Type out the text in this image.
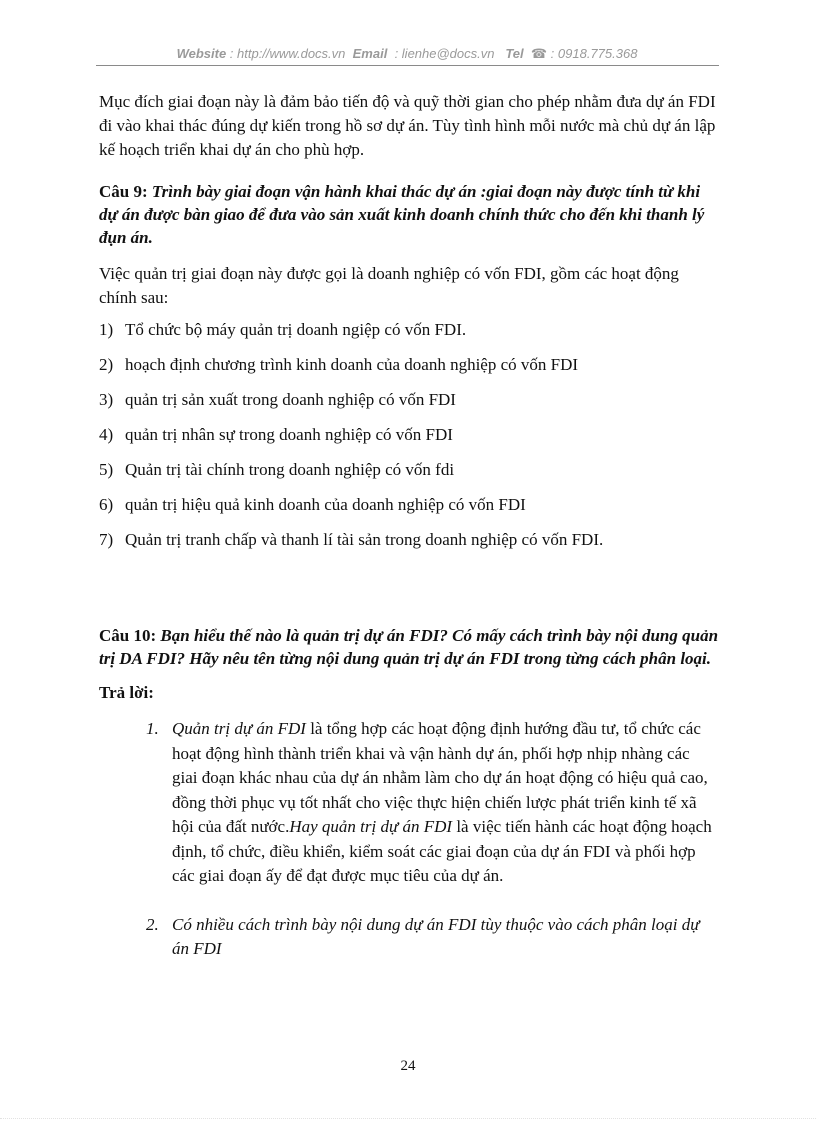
Website : http://www.docs.vn Email : lienhe@docs.vn Tel ☎ : 0918.775.368

Mục đích giai đoạn này là đảm bảo tiến độ và quỹ thời gian cho phép nhằm đưa dự án FDI đi vào khai thác đúng dự kiến trong hồ sơ dự án. Tùy tình hình mỗi nước mà chủ dự án lập kế hoạch triển khai dự án cho phù hợp.

Câu 9: Trình bày giai đoạn vận hành khai thác dự án :giai đoạn này được tính từ khi dự án được bàn giao để đưa vào sản xuất kinh doanh chính thức cho đến khi thanh lý đụn án.

Việc quản trị giai đoạn này được gọi là doanh nghiệp có vốn FDI, gồm các hoạt động chính sau:

1) Tổ chức bộ máy quản trị doanh ngiệp có vốn FDI.
2) hoạch định chương trình kinh doanh của doanh nghiệp có vốn FDI
3) quản trị sản xuất trong doanh nghiệp có vốn FDI
4) quản trị nhân sự trong doanh nghiệp có vốn FDI
5) Quản trị tài chính trong doanh nghiệp có vốn fdi
6) quản trị hiệu quả kinh doanh của doanh nghiệp có vốn FDI
7) Quản trị tranh chấp và thanh lí tài sản trong doanh nghiệp có vốn FDI.

Câu 10: Bạn hiểu thế nào là quản trị dự án FDI? Có mấy cách trình bày nội dung quản trị DA FDI? Hãy nêu tên từng nội dung quản trị dự án FDI trong từng cách phân loại.

Trả lời:

1. Quản trị dự án FDI là tổng hợp các hoạt động định hướng đầu tư, tổ chức các hoạt động hình thành triển khai và vận hành dự án, phối hợp nhịp nhàng các giai đoạn khác nhau của dự án nhằm làm cho dự án hoạt động có hiệu quả cao, đồng thời phục vụ tốt nhất cho việc thực hiện chiến lược phát triển kinh tế xã hội của đất nước.Hay quản trị dự án FDI là việc tiến hành các hoạt động hoạch định, tổ chức, điều khiển, kiểm soát các giai đoạn của dự án FDI và phối hợp các giai đoạn ấy để đạt được mục tiêu của dự án.
2. Có nhiều cách trình bày nội dung dự án FDI tùy thuộc vào cách phân loại dự án FDI
24
